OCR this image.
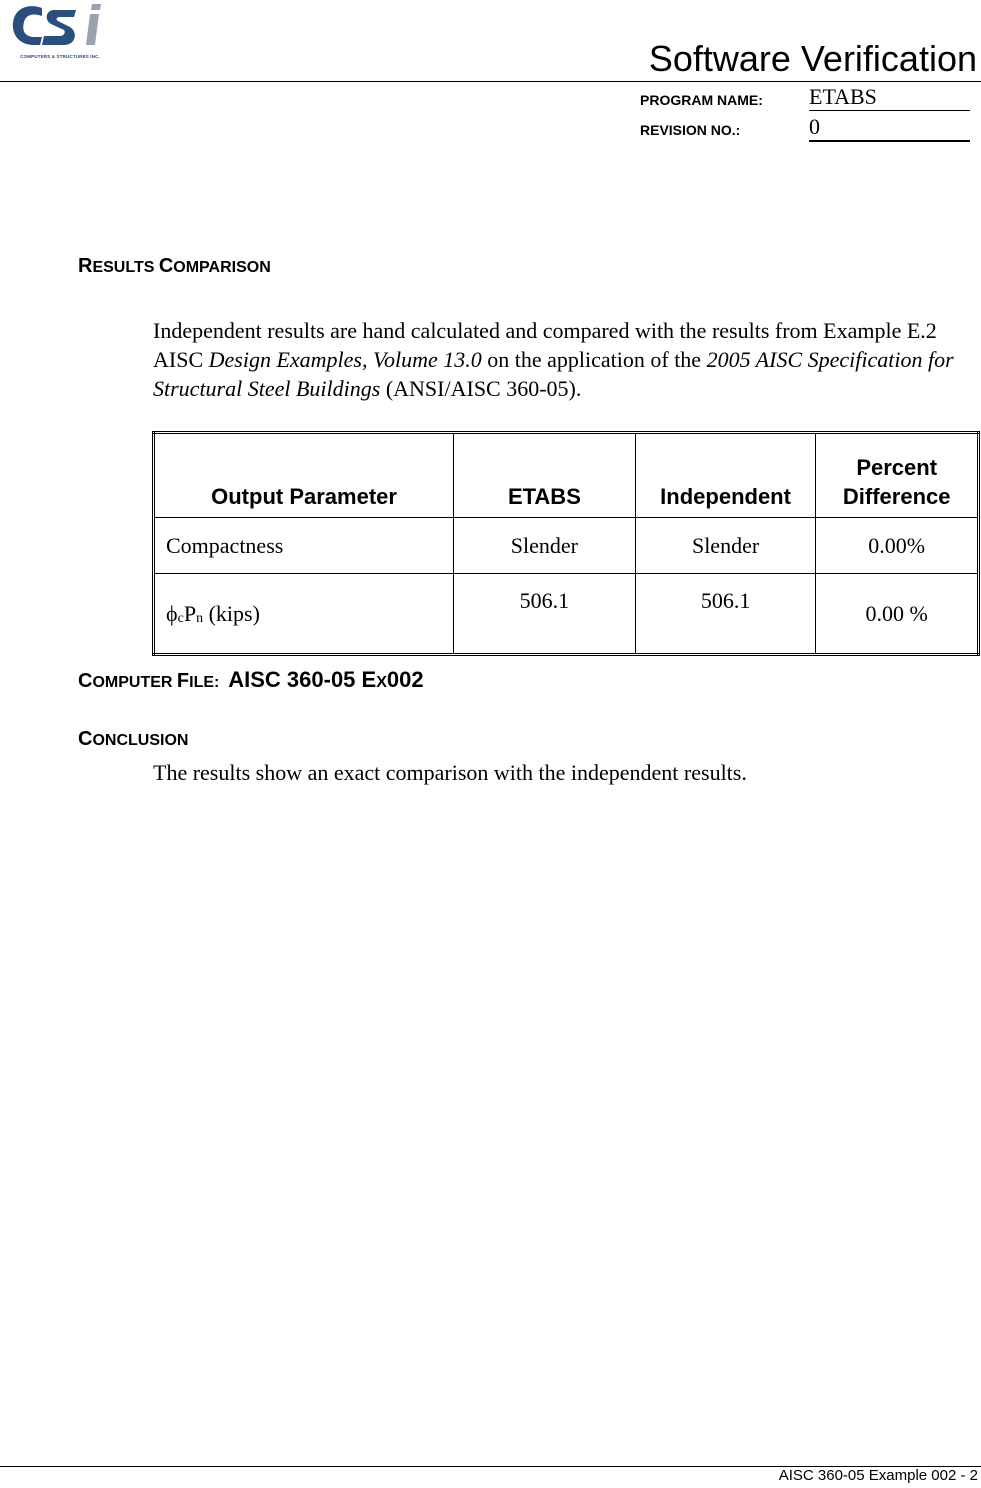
COMPUTERS & STRUCTURES INC.	Software Verification
PROGRAM NAME: ETABS
REVISION NO.:	0
RESULTS COMPARISON
Independent results are hand calculated and compared with the results from Example E.2 AISC Design Examples, Volume 13.0 on the application of the 2005 AISC Specification for Structural Steel Buildings (ANSI/AISC 360-05).
Output Parameter	ETABS	Independent	Percent
Difference
Compactness	Slender	Slender	0.00%
$\phi_cP_n$ (kips)	506.1	506.1	0.00 %
COMPUTER FILE: AISC 360-05 EX002
CONCLUSION
The results show an exact comparison with the independent results.
AISC 360-05 Example 002 - 2
